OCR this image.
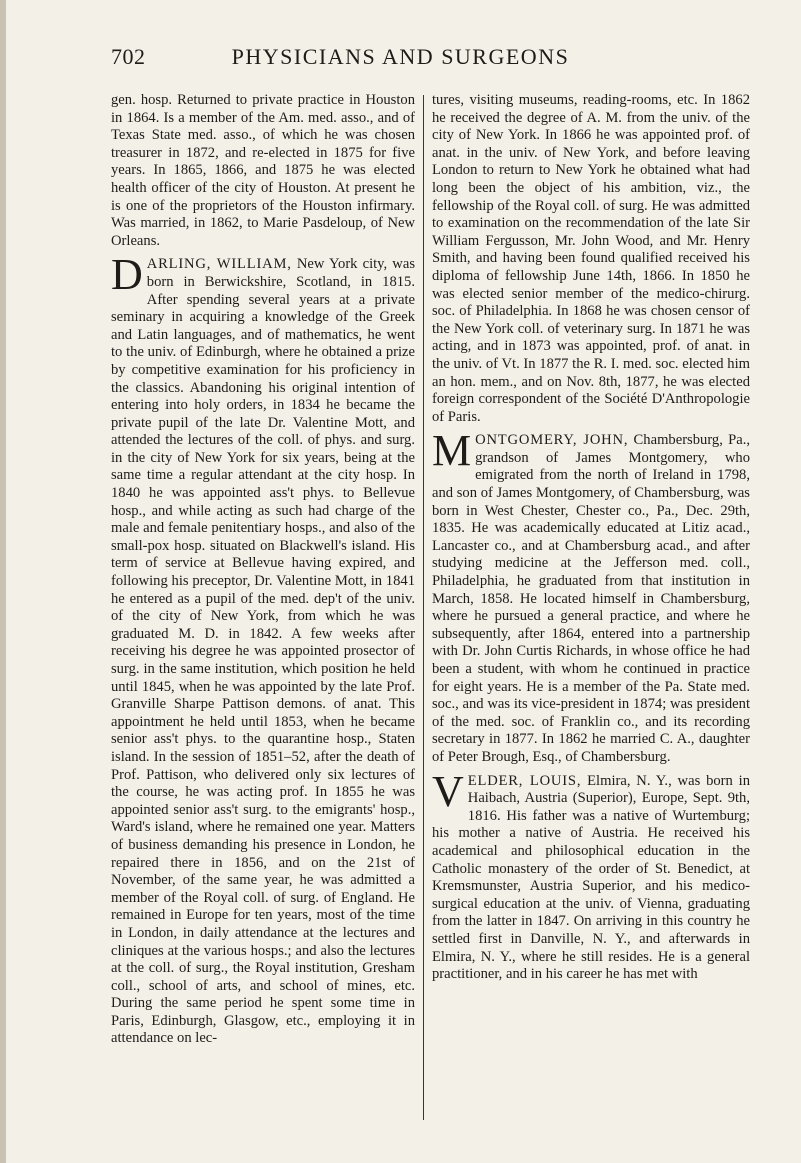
702	PHYSICIANS AND SURGEONS

gen. hosp. Returned to private practice in Houston in 1864. Is a member of the Am. med. asso., and of Texas State med. asso., of which he was chosen treasurer in 1872, and re-elected in 1875 for five years. In 1865, 1866, and 1875 he was elected health officer of the city of Houston. At present he is one of the proprietors of the Houston infirmary. Was married, in 1862, to Marie Pasdeloup, of New Orleans.

DARLING, WILLIAM, New York city, was born in Berwickshire, Scotland, in 1815. After spending several years at a private seminary in acquiring a knowledge of the Greek and Latin languages, and of mathematics, he went to the univ. of Edinburgh, where he obtained a prize by competitive examination for his proficiency in the classics. Abandoning his original intention of entering into holy orders, in 1834 he became the private pupil of the late Dr. Valentine Mott, and attended the lectures of the coll. of phys. and surg. in the city of New York for six years, being at the same time a regular attendant at the city hosp. In 1840 he was appointed ass't phys. to Bellevue hosp., and while acting as such had charge of the male and female penitentiary hosps., and also of the small-pox hosp. situated on Blackwell's island. His term of service at Bellevue having expired, and following his preceptor, Dr. Valentine Mott, in 1841 he entered as a pupil of the med. dep't of the univ. of the city of New York, from which he was graduated M. D. in 1842. A few weeks after receiving his degree he was appointed prosector of surg. in the same institution, which position he held until 1845, when he was appointed by the late Prof. Granville Sharpe Pattison demons. of anat. This appointment he held until 1853, when he became senior ass't phys. to the quarantine hosp., Staten island. In the session of 1851–52, after the death of Prof. Pattison, who delivered only six lectures of the course, he was acting prof. In 1855 he was appointed senior ass't surg. to the emigrants' hosp., Ward's island, where he remained one year. Matters of business demanding his presence in London, he repaired there in 1856, and on the 21st of November, of the same year, he was admitted a member of the Royal coll. of surg. of England. He remained in Europe for ten years, most of the time in London, in daily attendance at the lectures and cliniques at the various hosps.; and also the lectures at the coll. of surg., the Royal institution, Gresham coll., school of arts, and school of mines, etc. During the same period he spent some time in Paris, Edinburgh, Glasgow, etc., employing it in attendance on lec-

tures, visiting museums, reading-rooms, etc. In 1862 he received the degree of A. M. from the univ. of the city of New York. In 1866 he was appointed prof. of anat. in the univ. of New York, and before leaving London to return to New York he obtained what had long been the object of his ambition, viz., the fellowship of the Royal coll. of surg. He was admitted to examination on the recommendation of the late Sir William Fergusson, Mr. John Wood, and Mr. Henry Smith, and having been found qualified received his diploma of fellowship June 14th, 1866. In 1850 he was elected senior member of the medico-chirurg. soc. of Philadelphia. In 1868 he was chosen censor of the New York coll. of veterinary surg. In 1871 he was acting, and in 1873 was appointed, prof. of anat. in the univ. of Vt. In 1877 the R. I. med. soc. elected him an hon. mem., and on Nov. 8th, 1877, he was elected foreign correspondent of the Société D'Anthropologie of Paris.

MONTGOMERY, JOHN, Chambersburg, Pa., grandson of James Montgomery, who emigrated from the north of Ireland in 1798, and son of James Montgomery, of Chambersburg, was born in West Chester, Chester co., Pa., Dec. 29th, 1835. He was academically educated at Litiz acad., Lancaster co., and at Chambersburg acad., and after studying medicine at the Jefferson med. coll., Philadelphia, he graduated from that institution in March, 1858. He located himself in Chambersburg, where he pursued a general practice, and where he subsequently, after 1864, entered into a partnership with Dr. John Curtis Richards, in whose office he had been a student, with whom he continued in practice for eight years. He is a member of the Pa. State med. soc., and was its vice-president in 1874; was president of the med. soc. of Franklin co., and its recording secretary in 1877. In 1862 he married C. A., daughter of Peter Brough, Esq., of Chambersburg.

VELDER, LOUIS, Elmira, N. Y., was born in Haibach, Austria (Superior), Europe, Sept. 9th, 1816. His father was a native of Wurtemburg; his mother a native of Austria. He received his academical and philosophical education in the Catholic monastery of the order of St. Benedict, at Kremsmunster, Austria Superior, and his medico-surgical education at the univ. of Vienna, graduating from the latter in 1847. On arriving in this country he settled first in Danville, N. Y., and afterwards in Elmira, N. Y., where he still resides. He is a general practitioner, and in his career he has met with
